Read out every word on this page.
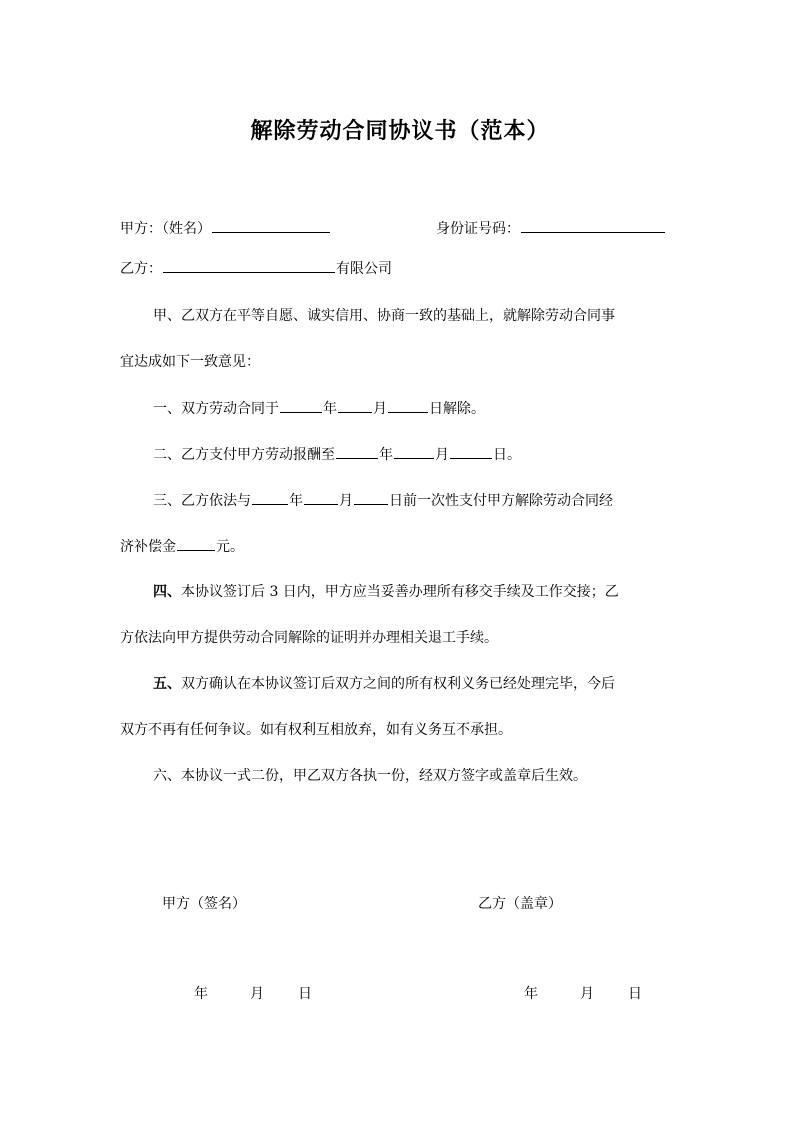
解除劳动合同协议书（范本）
甲方：（姓名）	身份证号码：
乙方：	有限公司
甲、乙双方在平等自愿、诚实信用、协商一致的基础上，就解除劳动合同事
宜达成如下一致意见：
一、双方劳动合同于	年	月	日解除。
二、乙方支付甲方劳动报酬至	年	月	日。
三、乙方依法与	年	月	日前一次性支付甲方解除劳动合同经
济补偿金	元。
四、本协议签订后 3 日内，甲方应当妥善办理所有移交手续及工作交接；乙
方依法向甲方提供劳动合同解除的证明并办理相关退工手续。
五、双方确认在本协议签订后双方之间的所有权利义务已经处理完毕，今后
双方不再有任何争议。如有权利互相放弃，如有义务互不承担。
六、本协议一式二份，甲乙双方各执一份，经双方签字或盖章后生效。
甲方（签名）	乙方（盖章）
年	月 日	年	月 日
